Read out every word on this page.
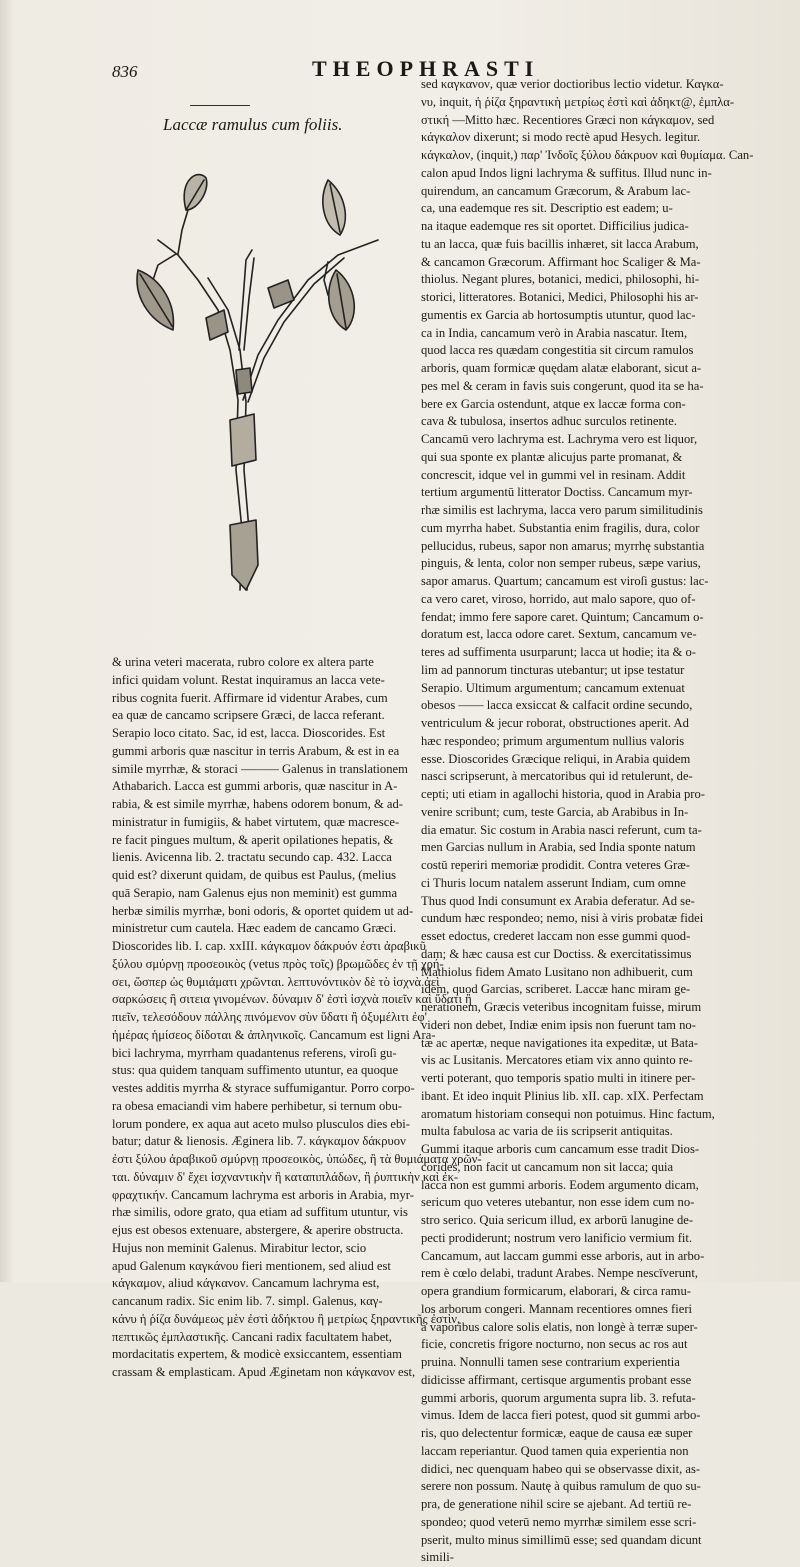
836	THEOPHRASTI
Laccæ ramulus cum foliis.
sed καγκανον, quæ verior doctioribus lectio videtur. Καγκα-
νυ, inquit, ἡ ῥίζα ξηραντικὴ μετρίως ἐστὶ καὶ ἀδηκτ@, ἐμπλα-
στική —Mitto hæc. Recentiores Græci non κάγκαμον, sed
κάγκαλον dixerunt; si modo rectè apud Hesych. legitur.
κάγκαλον, (inquit,) παρ' Ἰνδοῖς ξύλου δάκρυον καὶ θυμίαμα. Can-
calon apud Indos ligni lachryma & suffitus. Illud nunc in-
quirendum, an cancamum Græcorum, & Arabum lac-
ca, una eademque res sit. Descriptio est eadem; u-
na itaque eademque res sit oportet. Difficilius judica-
tu an lacca, quæ fuis bacillis inhæret, sit lacca Arabum,
& cancamon Græcorum. Affirmant hoc Scaliger & Ma-
thiolus. Negant plures, botanici, medici, philosophi, hi-
storici, litteratores. Botanici, Medici, Philosophi his ar-
gumentis ex Garcia ab hortosumptis utuntur, quod lac-
ca in India, cancamum verò in Arabia nascatur. Item,
quod lacca res quædam congestitia sit circum ramulos
arboris, quam formicæ quędam alatæ elaborant, sicut a-
pes mel & ceram in favis suis congerunt, quod ita se ha-
bere ex Garcia ostendunt, atque ex laccæ forma con-
cava & tubulosa, insertos adhuc surculos retinente.
Cancamū vero lachryma est. Lachryma vero est liquor,
qui sua sponte ex plantæ alicujus parte promanat, &
concrescit, idque vel in gummi vel in resinam. Addit
tertium argumentū litterator Doctiss. Cancamum myr-
rhæ similis est lachryma, lacca vero parum similitudinis
cum myrrha habet. Substantia enim fragilis, dura, color
pellucidus, rubeus, sapor non amarus; myrrhę substantia
pinguis, & lenta, color non semper rubeus, sæpe varius,
sapor amarus. Quartum; cancamum est viroſi gustus: lac-
ca vero caret, viroso, horrido, aut malo sapore, quo of-
fendat; immo fere sapore caret. Quintum; Cancamum o-
doratum est, lacca odore caret. Sextum, cancamum ve-
teres ad suffimenta usurparunt; lacca ut hodie; ita & o-
lim ad pannorum tincturas utebantur; ut ipse testatur
Serapio. Ultimum argumentum; cancamum extenuat
obesos —— lacca exsiccat & calfacit ordine secundo,
ventriculum & jecur roborat, obstructiones aperit. Ad
hæc respondeo; primum argumentum nullius valoris
esse. Dioscorides Græcique reliqui, in Arabia quidem
nasci scripserunt, à mercatoribus qui id retulerunt, de-
cepti; uti etiam in agallochi historia, quod in Arabia pro-
venire scribunt; cum, teste Garcia, ab Arabibus in In-
dia ematur. Sic costum in Arabia nasci referunt, cum ta-
men Garcias nullum in Arabia, sed India sponte natum
costū reperiri memoriæ prodidit. Contra veteres Græ-
ci Thuris locum natalem asserunt Indiam, cum omne
Thus quod Indi consumunt ex Arabia deferatur. Ad se-
cundum hæc respondeo; nemo, nisi à viris probatæ fidei
esset edoctus, crederet laccam non esse gummi quod-
dam; & hæc causa est cur Doctiss. & exercitatissimus
Mathiolus fidem Amato Lusitano non adhibuerit, cum
idem, quod Garcias, scriberet. Laccæ hanc miram ge-
nerationem, Græcis veteribus incognitam fuisse, mirum
videri non debet, Indiæ enim ipsis non fuerunt tam no-
tæ ac apertæ, neque navigationes ita expeditæ, ut Bata-
vis ac Lusitanis. Mercatores etiam vix anno quinto re-
verti poterant, quo temporis spatio multi in itinere per-
ibant. Et ideo inquit Plinius lib. xII. cap. xIX. Perfectam
aromatum historiam consequi non potuimus. Hinc factum,
multa fabulosa ac varia de iis scripserit antiquitas.
Gummi itaque arboris cum cancamum esse tradit Dios-
corides, non facit ut cancamum non sit lacca; quia
lacca non est gummi arboris. Eodem argumento dicam,
sericum quo veteres utebantur, non esse idem cum no-
stro serico. Quia sericum illud, ex arborū lanugine de-
pecti prodiderunt; nostrum vero lanificio vermium fit.
Cancamum, aut laccam gummi esse arboris, aut in arbo-
rem è cœlo delabi, tradunt Arabes. Nempe nescīverunt,
opera grandium formicarum, elaborari, & circa ramu-
los arborum congeri. Mannam recentiores omnes fieri
à vaporibus calore solis elatis, non longè à terræ super-
ficie, concretis frigore nocturno, non secus ac ros aut
pruina. Nonnulli tamen sese contrarium experientia
didicisse affirmant, certisque argumentis probant esse
gummi arboris, quorum argumenta supra lib. 3. refuta-
vimus. Idem de lacca fieri potest, quod sit gummi arbo-
ris, quo delectentur formicæ, eaque de causa eæ super
laccam reperiantur. Quod tamen quia experientia non
didici, nec quenquam habeo qui se observasse dixit, as-
serere non possum. Nautę à quibus ramulum de quo su-
pra, de generatione nihil scire se ajebant. Ad tertiū re-
spondeo; quod veterū nemo myrrhæ similem esse scri-
pserit, multo minus simillimū esse; sed quandam dicunt
simili-
& urina veteri macerata, rubro colore ex altera parte
infici quidam volunt. Restat inquiramus an lacca vete-
ribus cognita fuerit. Affirmare id videntur Arabes, cum
ea quæ de cancamo scripsere Græci, de lacca referant.
Serapio loco citato. Sac, id est, lacca. Dioscorides. Est
gummi arboris quæ nascitur in terris Arabum, & est in ea
simile myrrhæ, & storaci ——— Galenus in translationem
Athabarich. Lacca est gummi arboris, quæ nascitur in A-
rabia, & est simile myrrhæ, habens odorem bonum, & ad-
ministratur in fumigiis, & habet virtutem, quæ macresce-
re facit pingues multum, & aperit opilationes hepatis, &
lienis. Avicenna lib. 2. tractatu secundo cap. 432. Lacca
quid est? dixerunt quidam, de quibus est Paulus, (melius
quā Serapio, nam Galenus ejus non meminit) est gumma
herbæ similis myrrhæ, boni odoris, & oportet quidem ut ad-
ministretur cum cautela. Hæc eadem de cancamo Græci.
Dioscorides lib. I. cap. xxIII. κάγκαμον δάκρυόν ἐστι ἀραβικῦ
ξύλου σμύρνῃ προσεοικὸς (vetus πρὸς τοῖς) βρωμῶδες ἐν τῇ χρή-
σει, ὥσπερ ὡς θυμιάματι χρῶνται. λεπτυνόντικὸν δὲ τὸ ἰσχνὰ ἀεὶ
σαρκώσεις ἢ σιτεια γινομένων. δύναμιν δ' ἐστὶ ἰσχνὰ ποιεῖν καὶ ὕδατι ἢ
πιεῖν, τελεσόδουν πάλλης πινόμενον σὺν ὕδατι ἢ ὀξυμέλιτι ἐφ'
ἡμέρας ἡμίσεος δίδοται & ἀπληνικοῖς. Cancamum est ligni Ara-
bici lachryma, myrrham quadantenus referens, viroſi gu-
stus: qua quidem tanquam suffimento utuntur, ea quoque
vestes additis myrrha & styrace suffumigantur. Porro corpo-
ra obesa emaciandi vim habere perhibetur, si ternum obu-
lorum pondere, ex aqua aut aceto mulso plusculos dies ebi-
batur; datur & lienosis. Æginera lib. 7. κάγκαμον δάκρυον
ἐστι ξύλου ἀραβικοῦ σμύρνῃ προσεοικὸς, ὑπώδες, ἢ τὰ θυμιάματα χρῶν-
ται. δύναμιν δ' ἔχει ἰσχναντικὴν ἢ καταπιπλάδων, ἢ ῥυπτικὴν καὶ ἐκ-
φραχτικήν. Cancamum lachryma est arboris in Arabia, myr-
rhæ similis, odore grato, qua etiam ad suffitum utuntur, vis
ejus est obesos extenuare, abstergere, & aperire obstructa.
Hujus non meminit Galenus. Mirabitur lector, scio
apud Galenum καγκάνου fieri mentionem, sed aliud est
κάγκαμον, aliud κάγκανον. Cancamum lachryma est,
cancanum radix. Sic enim lib. 7. simpl. Galenus, καγ-
κάνυ ἡ ῥίζα δυνάμεως μὲν ἐστὶ ἀδήκτου ἢ μετρίως ξηραντικῆς ἐστὶν,
πεπτικῶς ἐμπλαστικῆς. Cancani radix facultatem habet,
mordacitatis expertem, & modicè exsiccantem, essentiam
crassam & emplasticam. Apud Æginetam non κάγκανον est,
